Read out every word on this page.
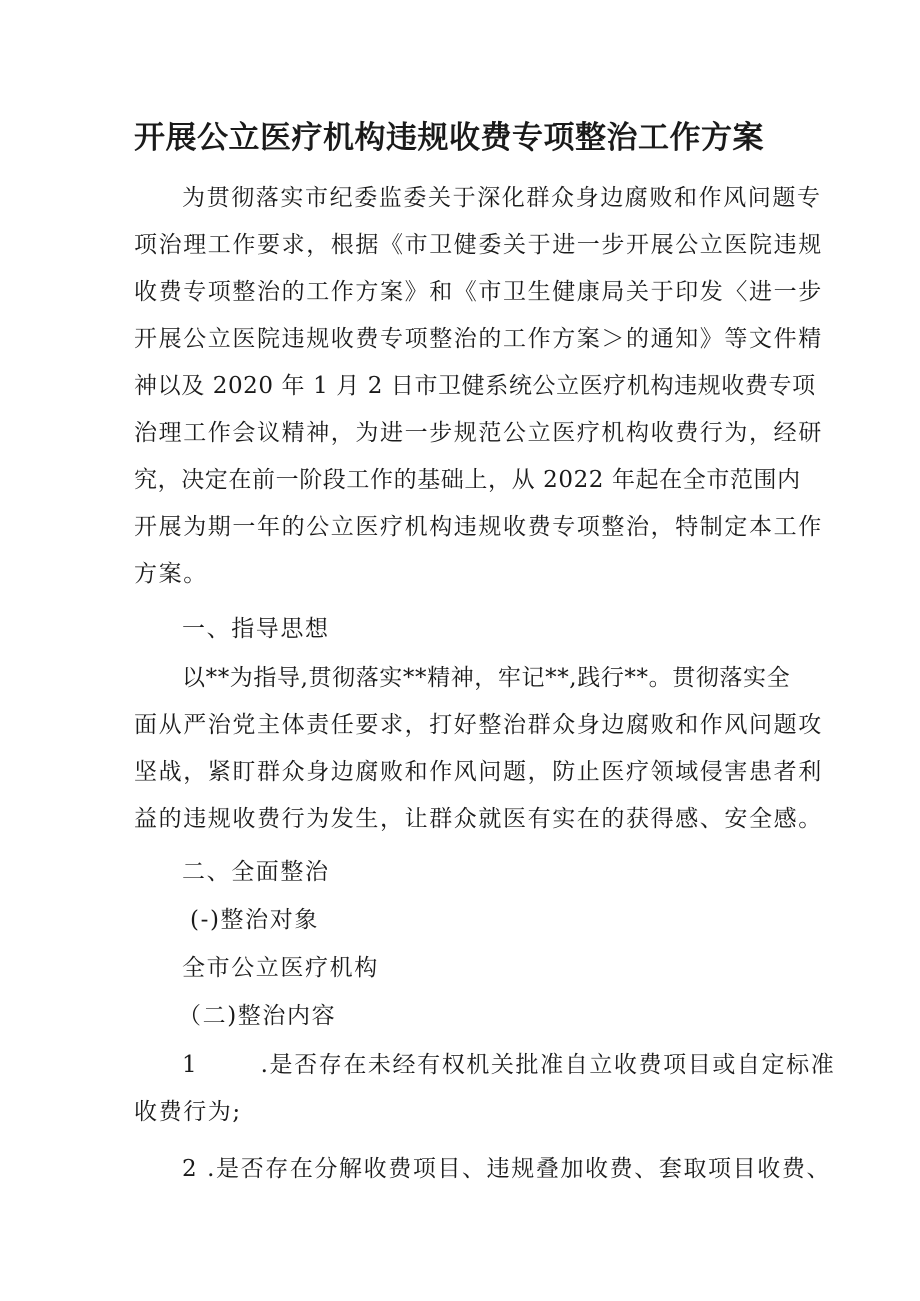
开展公立医疗机构违规收费专项整治工作方案
为贯彻落实市纪委监委关于深化群众身边腐败和作风问题专
项治理工作要求，根据《市卫健委关于进一步开展公立医院违规
收费专项整治的工作方案》和《市卫生健康局关于印发〈进一步
开展公立医院违规收费专项整治的工作方案＞的通知》等文件精
神以及 2020 年 1 月 2 日市卫健系统公立医疗机构违规收费专项
治理工作会议精神，为进一步规范公立医疗机构收费行为，经研
究，决定在前一阶段工作的基础上，从 2022 年起在全市范围内
开展为期一年的公立医疗机构违规收费专项整治，特制定本工作
方案。
一、指导思想
以**为指导,贯彻落实**精神，牢记**,践行**。贯彻落实全
面从严治党主体责任要求，打好整治群众身边腐败和作风问题攻
坚战，紧盯群众身边腐败和作风问题，防止医疗领域侵害患者利
益的违规收费行为发生，让群众就医有实在的获得感、安全感。
二、全面整治
(-)整治对象
全市公立医疗机构
（二)整治内容
1       .是否存在未经有权机关批准自立收费项目或自定标准
收费行为;
2 .是否存在分解收费项目、违规叠加收费、套取项目收费、
